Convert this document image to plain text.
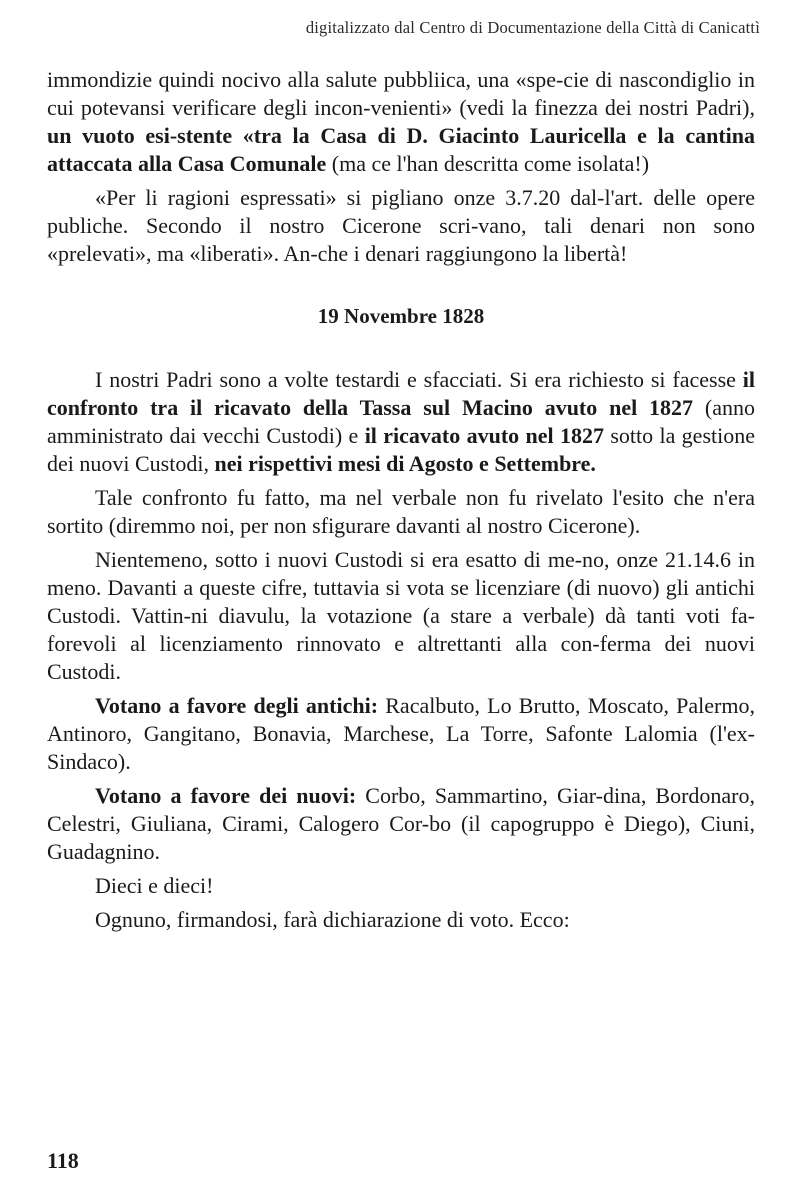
digitalizzato dal Centro di Documentazione della Città di Canicattì

immondizie quindi nocivo alla salute pubbliica, una «spe-cie di nascondiglio in cui potevansi verificare degli incon-venienti» (vedi la finezza dei nostri Padri), un vuoto esi-stente «tra la Casa di D. Giacinto Lauricella e la cantina attaccata alla Casa Comunale (ma ce l'han descritta come isolata!)

«Per li ragioni espressati» si pigliano onze 3.7.20 dal-l'art. delle opere publiche. Secondo il nostro Cicerone scri-vano, tali denari non sono «prelevati», ma «liberati». An-che i denari raggiungono la libertà!

19 Novembre 1828

I nostri Padri sono a volte testardi e sfacciati. Si era richiesto si facesse il confronto tra il ricavato della Tassa sul Macino avuto nel 1827 (anno amministrato dai vecchi Custodi) e il ricavato avuto nel 1827 sotto la gestione dei nuovi Custodi, nei rispettivi mesi di Agosto e Settembre.

Tale confronto fu fatto, ma nel verbale non fu rivelato l'esito che n'era sortito (diremmo noi, per non sfigurare davanti al nostro Cicerone).

Nientemeno, sotto i nuovi Custodi si era esatto di me-no, onze 21.14.6 in meno. Davanti a queste cifre, tuttavia si vota se licenziare (di nuovo) gli antichi Custodi. Vattin-ni diavulu, la votazione (a stare a verbale) dà tanti voti fa-forevoli al licenziamento rinnovato e altrettanti alla con-ferma dei nuovi Custodi.

Votano a favore degli antichi: Racalbuto, Lo Brutto, Moscato, Palermo, Antinoro, Gangitano, Bonavia, Marchese, La Torre, Safonte Lalomia (l'ex-Sindaco).

Votano a favore dei nuovi: Corbo, Sammartino, Giar-dina, Bordonaro, Celestri, Giuliana, Cirami, Calogero Cor-bo (il capogruppo è Diego), Ciuni, Guadagnino.

Dieci e dieci!

Ognuno, firmandosi, farà dichiarazione di voto. Ecco:

118
